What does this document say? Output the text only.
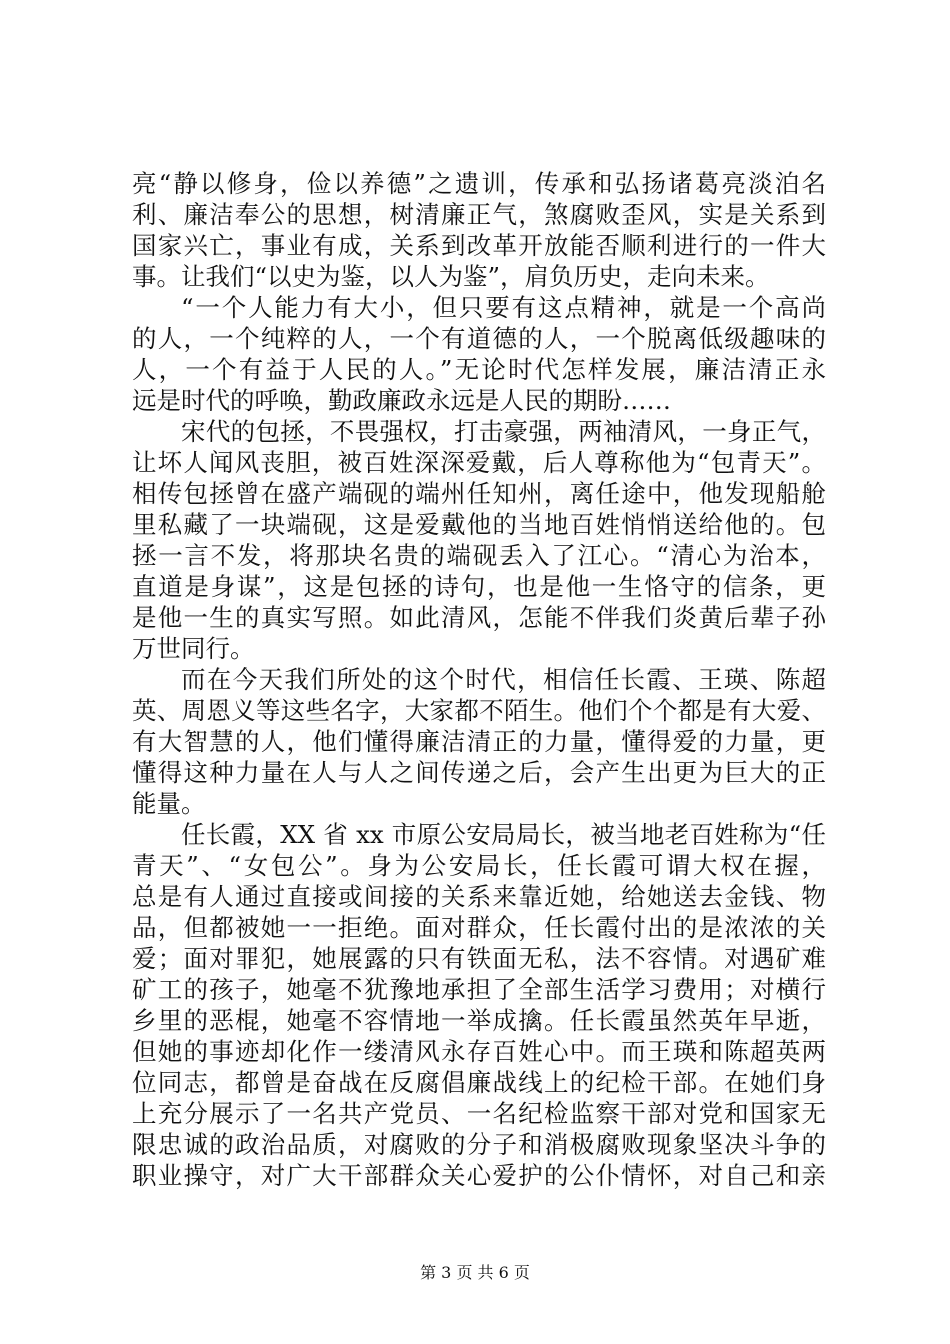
亮“静以修身，俭以养德”之遗训，传承和弘扬诸葛亮淡泊名
利、廉洁奉公的思想，树清廉正气，煞腐败歪风，实是关系到
国家兴亡，事业有成，关系到改革开放能否顺利进行的一件大
事。让我们“以史为鉴，以人为鉴”，肩负历史，走向未来。
“一个人能力有大小，但只要有这点精神，就是一个高尚
的人，一个纯粹的人，一个有道德的人，一个脱离低级趣味的
人，一个有益于人民的人。”无论时代怎样发展，廉洁清正永
远是时代的呼唤，勤政廉政永远是人民的期盼……
宋代的包拯，不畏强权，打击豪强，两袖清风，一身正气，
让坏人闻风丧胆，被百姓深深爱戴，后人尊称他为“包青天”。
相传包拯曾在盛产端砚的端州任知州，离任途中，他发现船舱
里私藏了一块端砚，这是爱戴他的当地百姓悄悄送给他的。包
拯一言不发，将那块名贵的端砚丢入了江心。“清心为治本，
直道是身谋”，这是包拯的诗句，也是他一生恪守的信条，更
是他一生的真实写照。如此清风，怎能不伴我们炎黄后辈子孙
万世同行。
而在今天我们所处的这个时代，相信任长霞、王瑛、陈超
英、周恩义等这些名字，大家都不陌生。他们个个都是有大爱、
有大智慧的人，他们懂得廉洁清正的力量，懂得爱的力量，更
懂得这种力量在人与人之间传递之后，会产生出更为巨大的正
能量。
任长霞，XX 省 xx 市原公安局局长，被当地老百姓称为“任
青天”、“女包公”。身为公安局长，任长霞可谓大权在握，
总是有人通过直接或间接的关系来靠近她，给她送去金钱、物
品，但都被她一一拒绝。面对群众，任长霞付出的是浓浓的关
爱；面对罪犯，她展露的只有铁面无私，法不容情。对遇矿难
矿工的孩子，她毫不犹豫地承担了全部生活学习费用；对横行
乡里的恶棍，她毫不容情地一举成擒。任长霞虽然英年早逝，
但她的事迹却化作一缕清风永存百姓心中。而王瑛和陈超英两
位同志，都曾是奋战在反腐倡廉战线上的纪检干部。在她们身
上充分展示了一名共产党员、一名纪检监察干部对党和国家无
限忠诚的政治品质，对腐败的分子和消极腐败现象坚决斗争的
职业操守，对广大干部群众关心爱护的公仆情怀，对自己和亲
第 3 页 共 6 页
